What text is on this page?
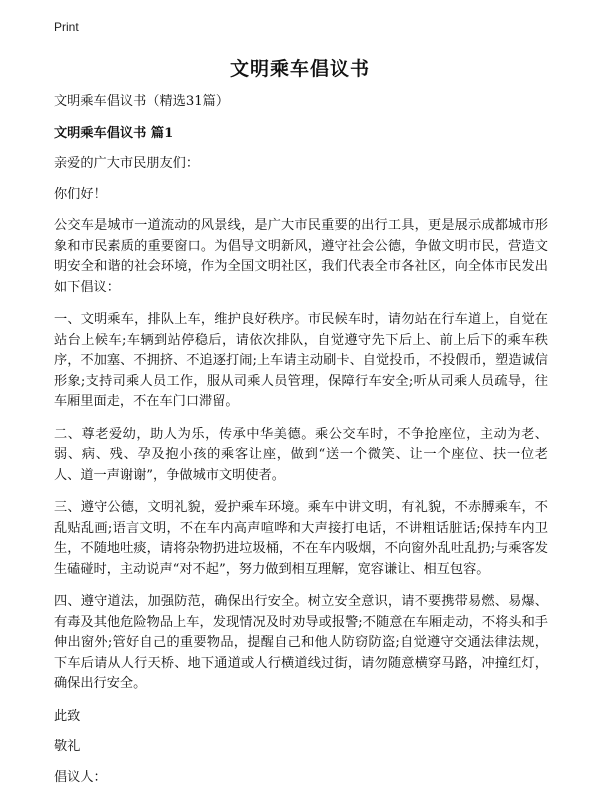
Print
文明乘车倡议书

文明乘车倡议书（精选31篇）

文明乘车倡议书 篇1

亲爱的广大市民朋友们：

你们好！

公交车是城市一道流动的风景线，是广大市民重要的出行工具，更是展示成都城市形象和市民素质的重要窗口。为倡导文明新风，遵守社会公德，争做文明市民，营造文明安全和谐的社会环境，作为全国文明社区，我们代表全市各社区，向全体市民发出如下倡议：

一、文明乘车，排队上车，维护良好秩序。市民候车时，请勿站在行车道上，自觉在站台上候车;车辆到站停稳后，请依次排队，自觉遵守先下后上、前上后下的乘车秩序，不加塞、不拥挤、不追逐打闹;上车请主动刷卡、自觉投币，不投假币，塑造诚信形象;支持司乘人员工作，服从司乘人员管理，保障行车安全;听从司乘人员疏导，往车厢里面走，不在车门口滞留。

二、尊老爱幼，助人为乐，传承中华美德。乘公交车时，不争抢座位，主动为老、弱、病、残、孕及抱小孩的乘客让座，做到“送一个微笑、让一个座位、扶一位老人、道一声谢谢”，争做城市文明使者。

三、遵守公德，文明礼貌，爱护乘车环境。乘车中讲文明，有礼貌，不赤膊乘车，不乱贴乱画;语言文明，不在车内高声喧哗和大声接打电话，不讲粗话脏话;保持车内卫生，不随地吐痰，请将杂物扔进垃圾桶，不在车内吸烟，不向窗外乱吐乱扔;与乘客发生磕碰时，主动说声“对不起”，努力做到相互理解，宽容谦让、相互包容。

四、遵守道法，加强防范，确保出行安全。树立安全意识，请不要携带易燃、易爆、有毒及其他危险物品上车，发现情况及时劝导或报警;不随意在车厢走动，不将头和手伸出窗外;管好自己的重要物品，提醒自己和他人防窃防盗;自觉遵守交通法律法规，下车后请从人行天桥、地下通道或人行横道线过街，请勿随意横穿马路，冲撞红灯，确保出行安全。

此致

敬礼

倡议人：
